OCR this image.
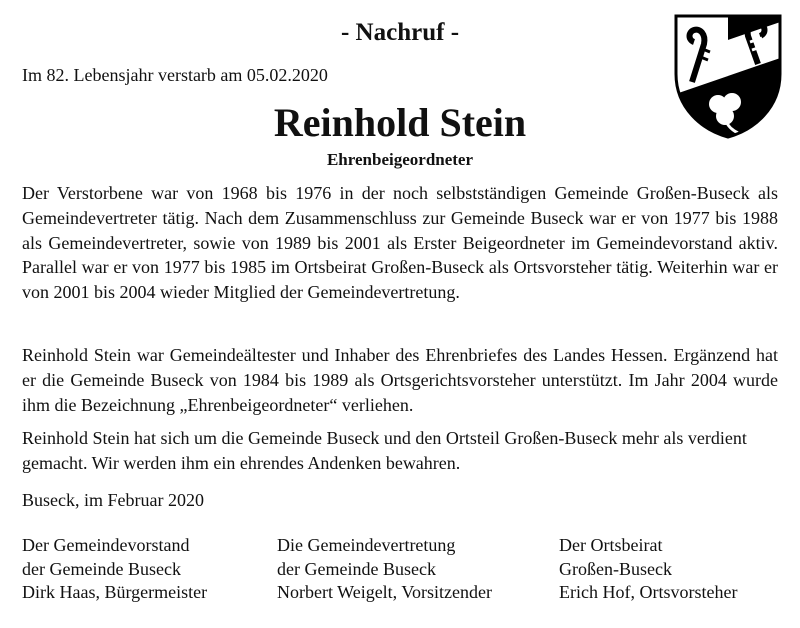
- Nachruf -
Im 82. Lebensjahr verstarb am 05.02.2020
Reinhold Stein
Ehrenbeigeordneter

Der Verstorbene war von 1968 bis 1976 in der noch selbstständigen Gemeinde Großen-Buseck als Gemeindevertreter tätig. Nach dem Zusammenschluss zur Gemeinde Buseck war er von 1977 bis 1988 als Gemeindevertreter, sowie von 1989 bis 2001 als Erster Beigeordneter im Gemeindevorstand aktiv. Parallel war er von 1977 bis 1985 im Ortsbeirat Großen-Buseck als Ortsvorsteher tätig. Weiterhin war er von 2001 bis 2004 wieder Mitglied der Gemeindevertretung.

Reinhold Stein war Gemeindeältester und Inhaber des Ehrenbriefes des Landes Hessen. Ergänzend hat er die Gemeinde Buseck von 1984 bis 1989 als Ortsgerichtsvorsteher unterstützt. Im Jahr 2004 wurde ihm die Bezeichnung „Ehrenbeigeordneter“ verliehen.

Reinhold Stein hat sich um die Gemeinde Buseck und den Ortsteil Großen-Buseck mehr als verdient gemacht. Wir werden ihm ein ehrendes Andenken bewahren.

Buseck, im Februar 2020
Der Gemeindevorstand
der Gemeinde Buseck
Dirk Haas, Bürgermeister
Die Gemeindevertretung
der Gemeinde Buseck
Norbert Weigelt, Vorsitzender
Der Ortsbeirat
Großen-Buseck
Erich Hof, Ortsvorsteher
